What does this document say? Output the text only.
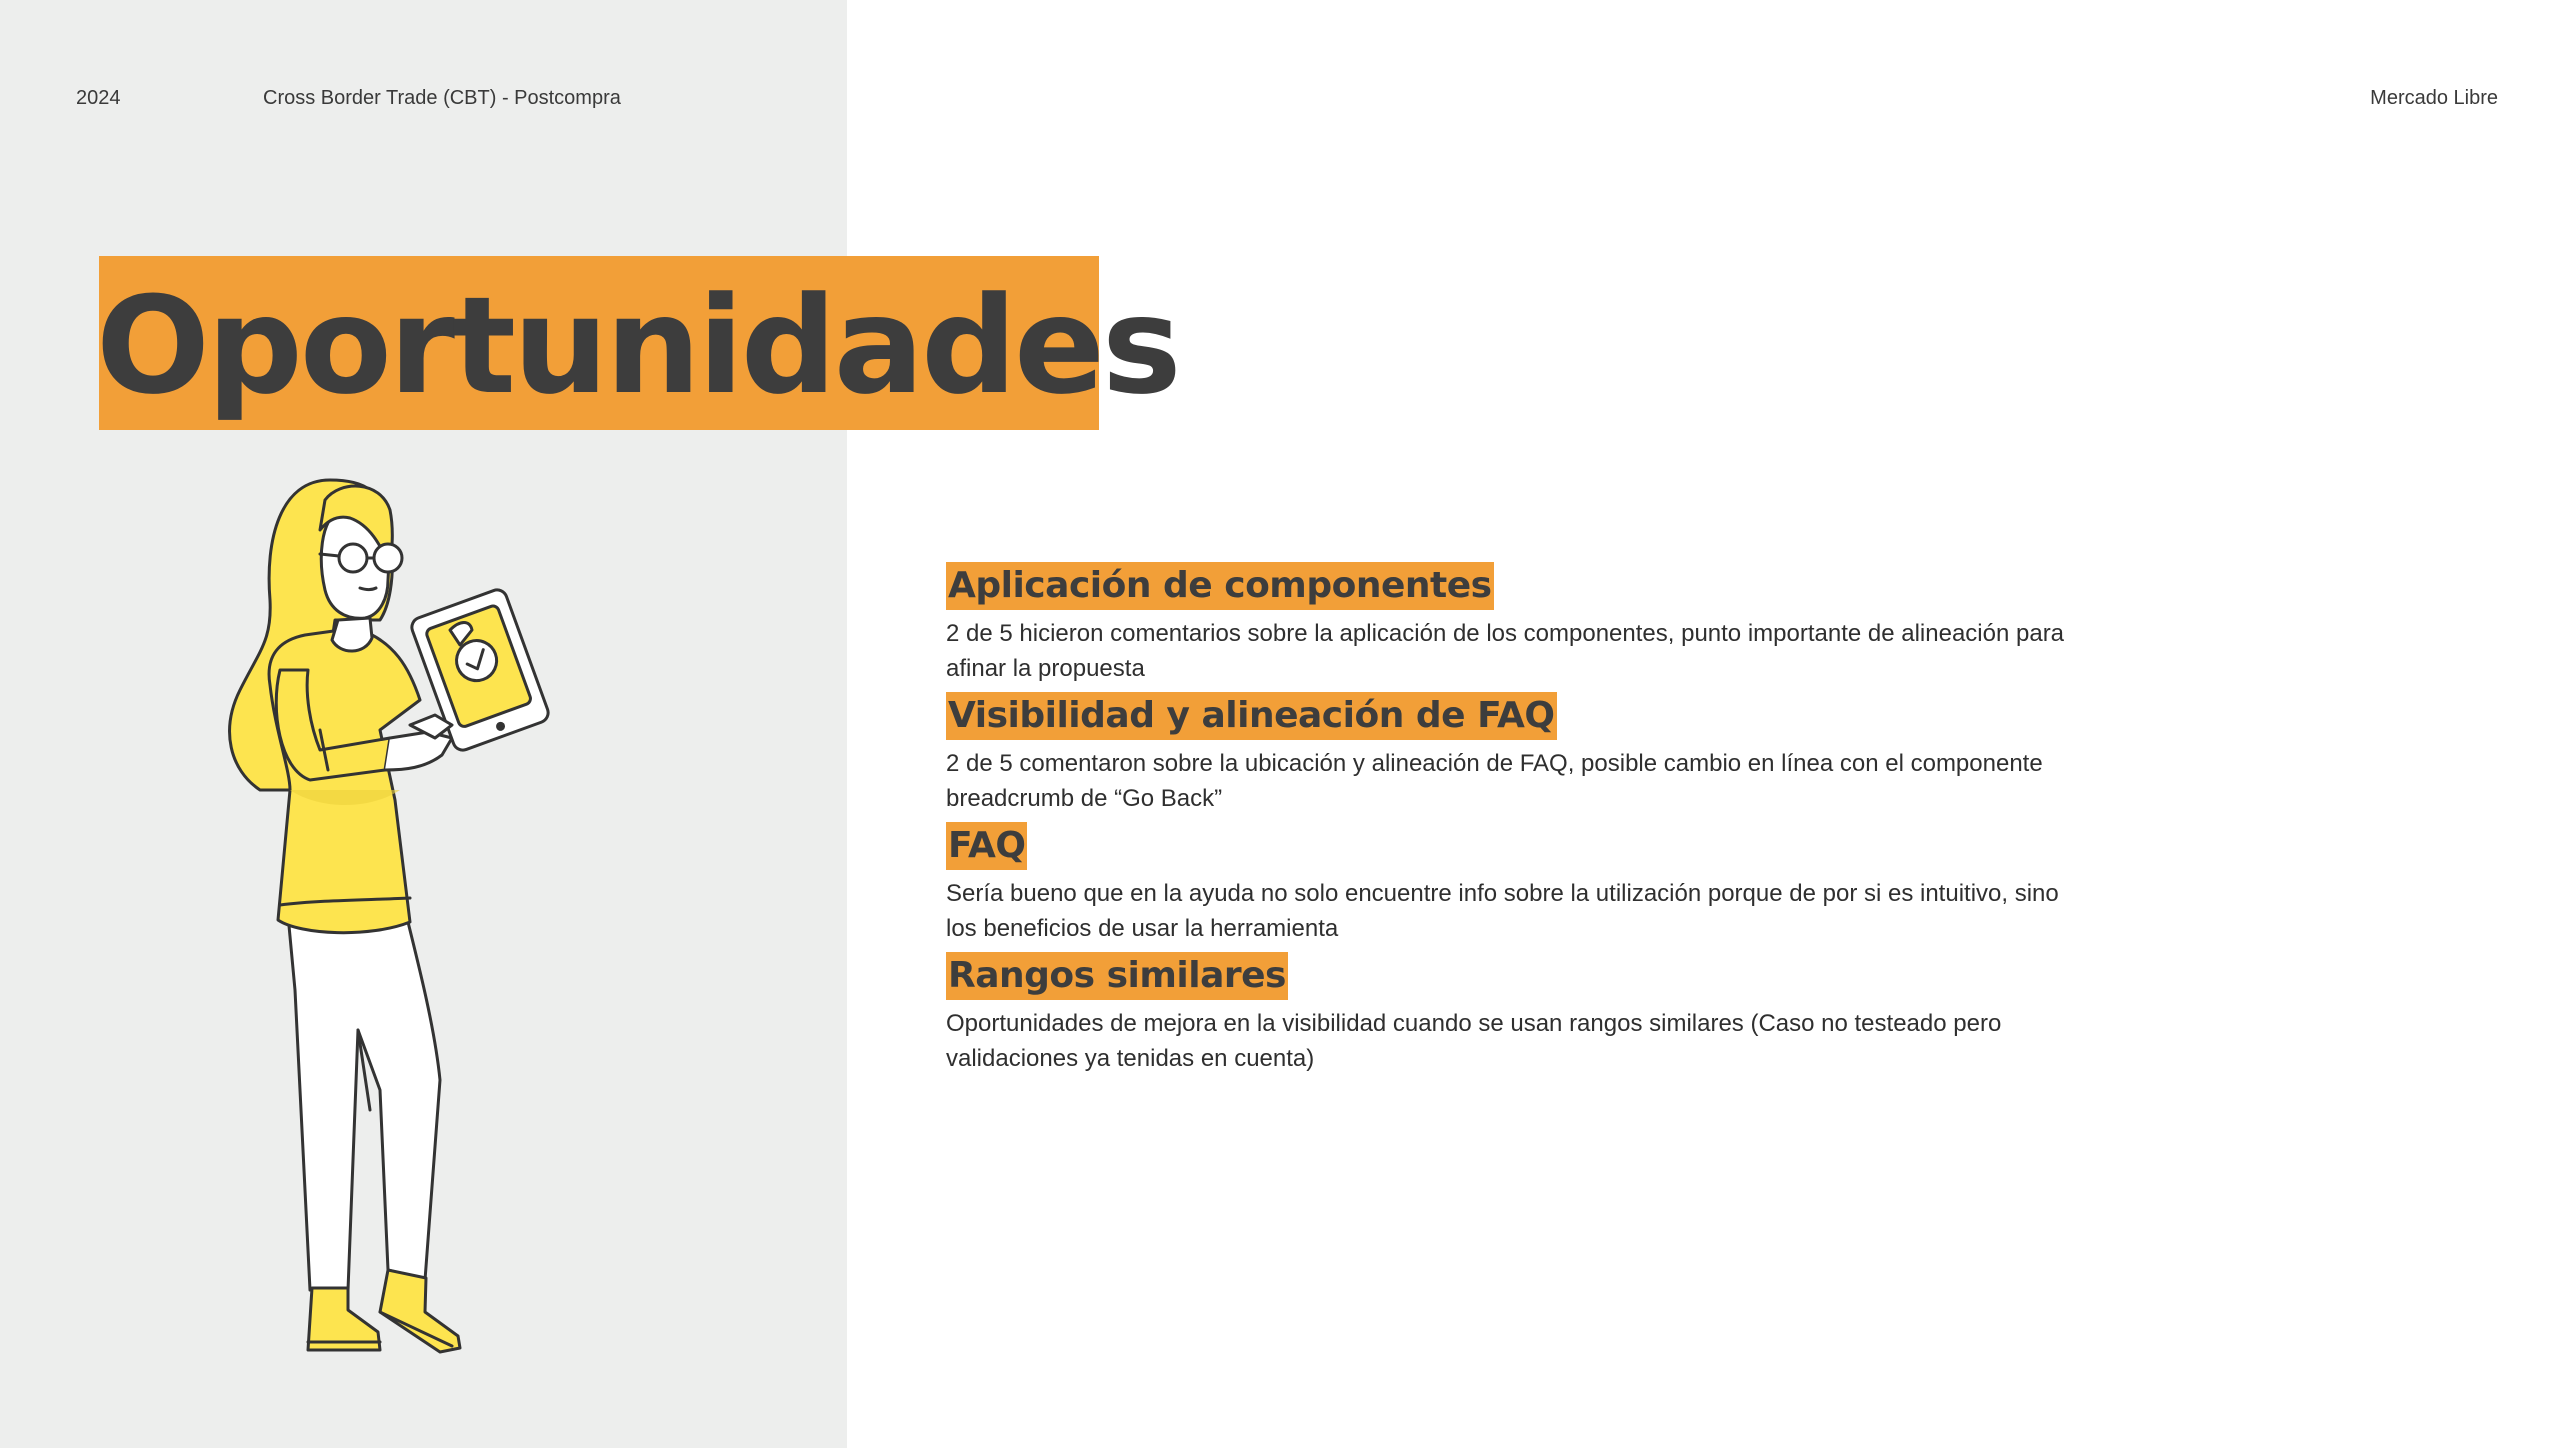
2024	Cross Border Trade (CBT) - Postcompra	Mercado Libre
Oportunidades
Aplicación de componentes
2 de 5 hicieron comentarios sobre la aplicación de los componentes, punto importante de alineación para afinar la propuesta
Visibilidad y alineación de FAQ
2 de 5 comentaron sobre la ubicación y alineación de FAQ, posible cambio en línea con el componente breadcrumb de “Go Back”
FAQ
Sería bueno que en la ayuda no solo encuentre info sobre la utilización porque de por si es intuitivo, sino los beneficios de usar la herramienta
Rangos similares
Oportunidades de mejora en la visibilidad cuando se usan rangos similares (Caso no testeado pero validaciones ya tenidas en cuenta)
